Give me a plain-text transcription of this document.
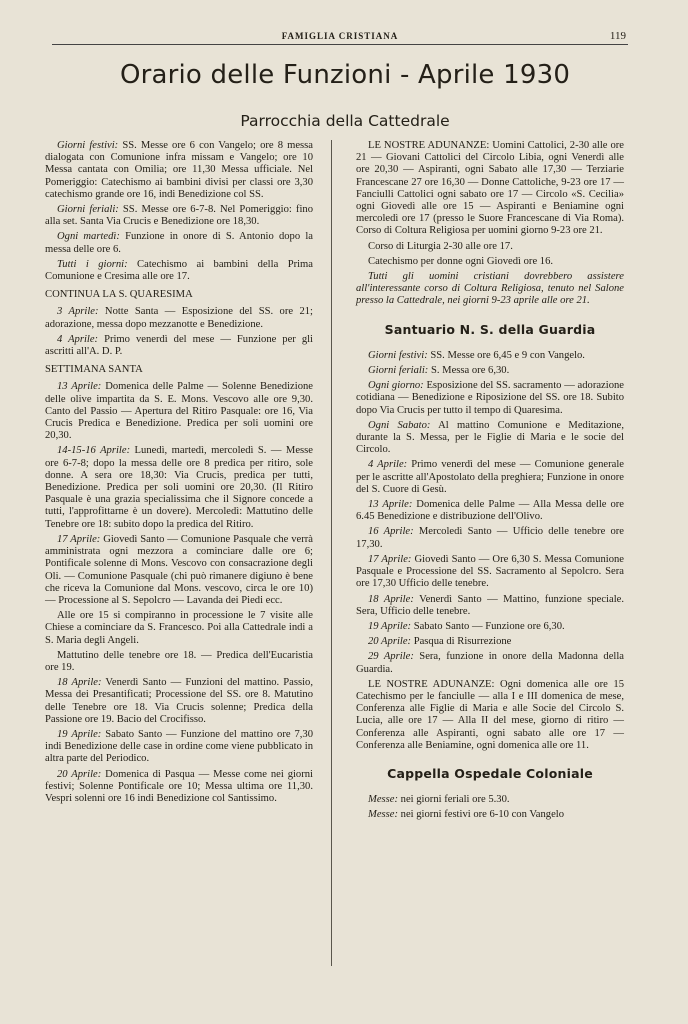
FAMIGLIA CRISTIANA	119
Orario delle Funzioni - Aprile 1930
Parrocchia della Cattedrale

Giorni festivi: SS. Messe ore 6 con Vangelo; ore 8 messa dialogata con Comunione infra missam e Vangelo; ore 10 Messa cantata con Omilia; ore 11,30 Messa ufficiale. Nel Pomeriggio: Catechismo ai bambini divisi per classi ore 3,30 catechismo grande ore 16, indi Benedizione col SS.

Giorni feriali: SS. Messe ore 6-7-8. Nel Pomeriggio: fino alla set. Santa Via Crucis e Benedizione ore 18,30.

Ogni martedì: Funzione in onore di S. Antonio dopo la messa delle ore 6.

Tutti i giorni: Catechismo ai bambini della Prima Comunione e Cresima alle ore 17.

CONTINUA LA S. QUARESIMA

3 Aprile: Notte Santa — Esposizione del SS. ore 21; adorazione, messa dopo mezzanotte e Benedizione.

4 Aprile: Primo venerdì del mese — Funzione per gli ascritti all'A. D. P.

SETTIMANA SANTA

13 Aprile: Domenica delle Palme — Solenne Benedizione delle olive impartita da S. E. Mons. Vescovo alle ore 9,30. Canto del Passio — Apertura del Ritiro Pasquale: ore 16, Via Crucis Predica e Benedizione. Predica per soli uomini ore 20,30.

14-15-16 Aprile: Lunedì, martedì, mercoledì S. — Messe ore 6-7-8; dopo la messa delle ore 8 predica per ritiro, sole donne. A sera ore 18,30: Via Crucis, predica per tutti, Benedizione. Predica per soli uomini ore 20,30. (Il Ritiro Pasquale è una grazia specialissima che il Signore concede a tutti, l'approfittarne è un dovere). Mercoledì: Mattutino delle Tenebre ore 18: subito dopo la predica del Ritiro.

17 Aprile: Giovedì Santo — Comunione Pasquale che verrà amministrata ogni mezzora a cominciare dalle ore 6; Pontificale solenne di Mons. Vescovo con consacrazione degli Oli. — Comunione Pasquale (chi può rimanere digiuno è bene che riceva la Comunione dal Mons. vescovo, circa le ore 10) — Processione al S. Sepolcro — Lavanda dei Piedi ecc.

Alle ore 15 si compiranno in processione le 7 visite alle Chiese a cominciare da S. Francesco. Poi alla Cattedrale indi a S. Maria degli Angeli.

Mattutino delle tenebre ore 18. — Predica dell'Eucaristia ore 19.

18 Aprile: Venerdì Santo — Funzioni del mattino. Passio, Messa dei Presantificati; Processione del SS. ore 8. Matutino delle Tenebre ore 18. Via Crucis solenne; Predica della Passione ore 19. Bacio del Crocifisso.

19 Aprile: Sabato Santo — Funzione del mattino ore 7,30 indi Benedizione delle case in ordine come viene pubblicato in altra parte del Periodico.

20 Aprile: Domenica di Pasqua — Messe come nei giorni festivi; Solenne Pontificale ore 10; Messa ultima ore 11,30. Vespri solenni ore 16 indi Benedizione col Santissimo.

LE NOSTRE ADUNANZE: Uomini Cattolici, 2-30 alle ore 21 — Giovani Cattolici del Circolo Libia, ogni Venerdì alle ore 20,30 — Aspiranti, ogni Sabato alle 17,30 — Terziarie Francescane 27 ore 16,30 — Donne Cattoliche, 9-23 ore 17 — Fanciulli Cattolici ogni sabato ore 17 — Circolo «S. Cecilia» ogni Giovedì alle ore 15 — Aspiranti e Beniamine ogni mercoledì ore 17 (presso le Suore Francescane di Via Roma). Corso di Coltura Religiosa per uomini giorno 9-23 ore 21.

Corso di Liturgia 2-30 alle ore 17.

Catechismo per donne ogni Giovedì ore 16.

Tutti gli uomini cristiani dovrebbero assistere all'interessante corso di Coltura Religiosa, tenuto nel Salone presso la Cattedrale, nei giorni 9-23 aprile alle ore 21.

Santuario N. S. della Guardia

Giorni festivi: SS. Messe ore 6,45 e 9 con Vangelo.

Giorni feriali: S. Messa ore 6,30.

Ogni giorno: Esposizione del SS. sacramento — adorazione cotidiana — Benedizione e Riposizione del SS. ore 18. Subito dopo Via Crucis per tutto il tempo di Quaresima.

Ogni Sabato: Al mattino Comunione e Meditazione, durante la S. Messa, per le Figlie di Maria e le socie del Circolo.

4 Aprile: Primo venerdì del mese — Comunione generale per le ascritte all'Apostolato della preghiera; Funzione in onore del S. Cuore di Gesù.

13 Aprile: Domenica delle Palme — Alla Messa delle ore 6.45 Benedizione e distribuzione dell'Olivo.

16 Aprile: Mercoledì Santo — Ufficio delle tenebre ore 17,30.

17 Aprile: Giovedì Santo — Ore 6,30 S. Messa Comunione Pasquale e Processione del SS. Sacramento al Sepolcro. Sera ore 17,30 Ufficio delle tenebre.

18 Aprile: Venerdì Santo — Mattino, funzione speciale. Sera, Ufficio delle tenebre.

19 Aprile: Sabato Santo — Funzione ore 6,30.

20 Aprile: Pasqua di Risurrezione

29 Aprile: Sera, funzione in onore della Madonna della Guardia.

LE NOSTRE ADUNANZE: Ogni domenica alle ore 15 Catechismo per le fanciulle — alla I e III domenica de mese, Conferenza alle Figlie di Maria e alle Socie del Circolo S. Lucia, alle ore 17 — Alla II del mese, giorno di ritiro — Conferenza alle Aspiranti, ogni sabato alle ore 17 — Conferenza alle Beniamine, ogni domenica alle ore 11.

Cappella Ospedale Coloniale

Messe: nei giorni feriali ore 5.30.

Messe: nei giorni festivi ore 6-10 con Vangelo
